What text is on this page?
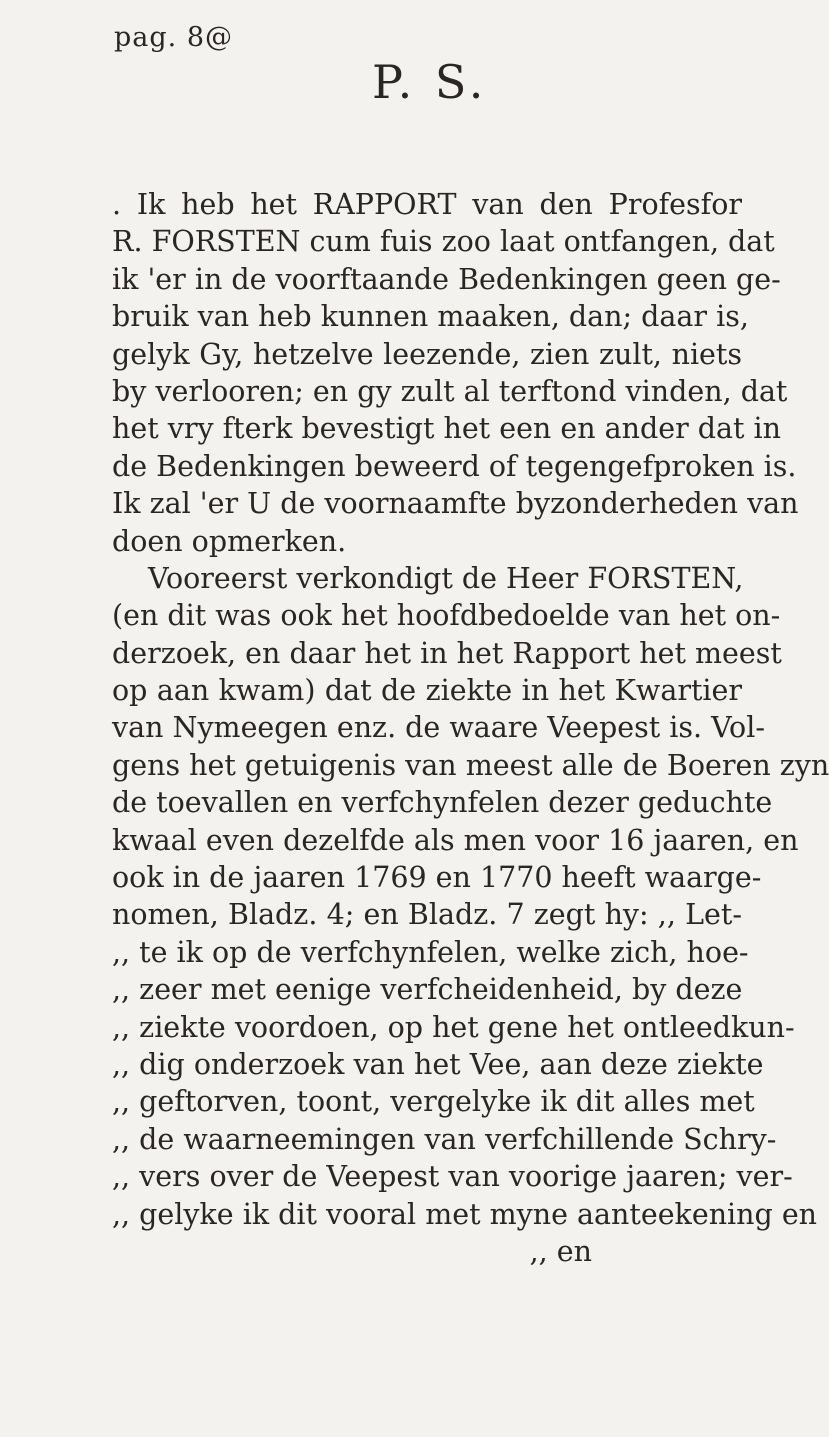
pag. 8@
P. S.
. Ik heb het RAPPORT van den Profesfor
R. FORSTEN cum fuis zoo laat ontfangen, dat
ik 'er in de voorftaande Bedenkingen geen ge-
bruik van heb kunnen maaken, dan; daar is,
gelyk Gy, hetzelve leezende, zien zult, niets
by verlooren; en gy zult al terftond vinden, dat
het vry fterk bevestigt het een en ander dat in
de Bedenkingen beweerd of tegengefproken is.
Ik zal 'er U de voornaamfte byzonderheden van
doen opmerken.
Vooreerst verkondigt de Heer FORSTEN,
(en dit was ook het hoofdbedoelde van het on-
derzoek, en daar het in het Rapport het meest
op aan kwam) dat de ziekte in het Kwartier
van Nymeegen enz. de waare Veepest is. Vol-
gens het getuigenis van meest alle de Boeren zyn
de toevallen en verfchynfelen dezer geduchte
kwaal even dezelfde als men voor 16 jaaren, en
ook in de jaaren 1769 en 1770 heeft waarge-
nomen, Bladz. 4; en Bladz. 7 zegt hy: ,, Let-
,, te ik op de verfchynfelen, welke zich, hoe-
,, zeer met eenige verfcheidenheid, by deze
,, ziekte voordoen, op het gene het ontleedkun-
,, dig onderzoek van het Vee, aan deze ziekte
,, geftorven, toont, vergelyke ik dit alles met
,, de waarneemingen van verfchillende Schry-
,, vers over de Veepest van voorige jaaren; ver-
,, gelyke ik dit vooral met myne aanteekening en
,, en
